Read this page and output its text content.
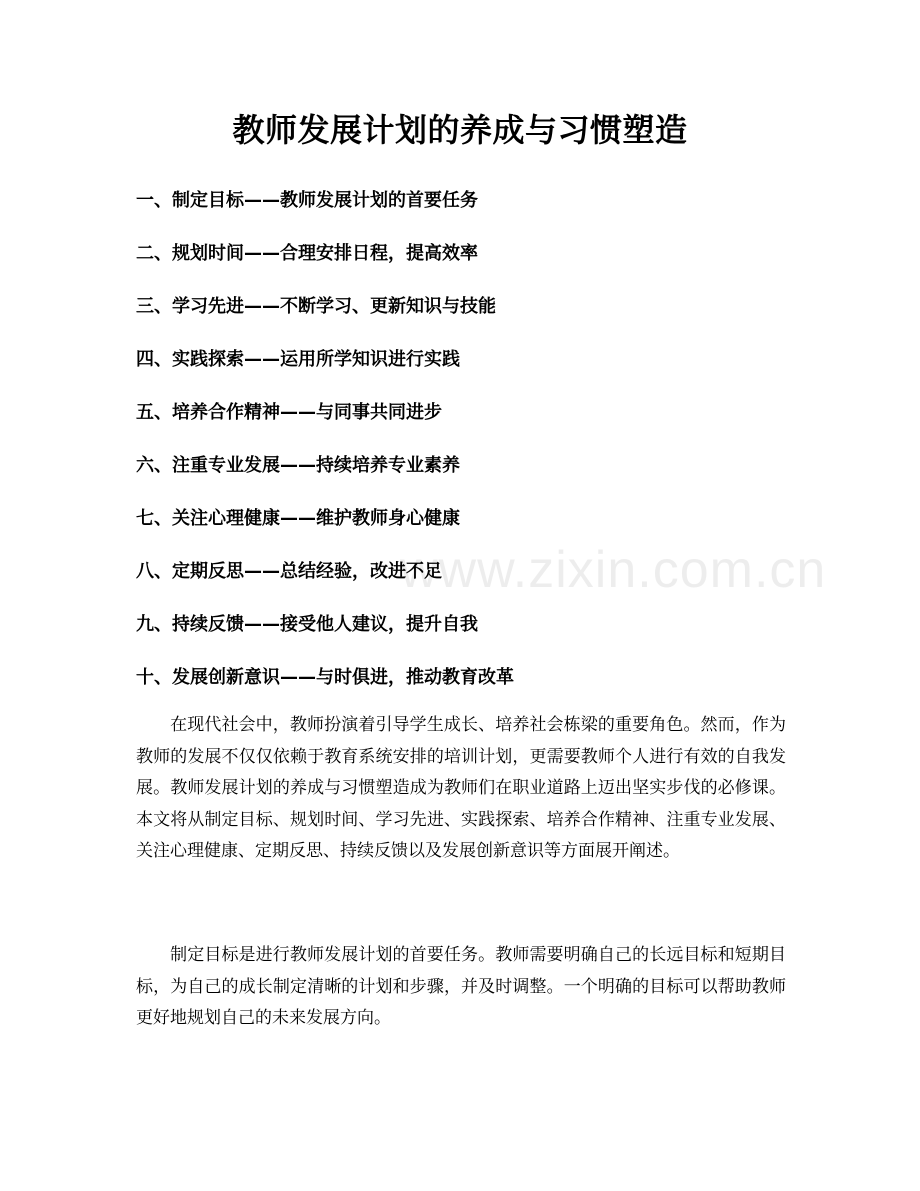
www.zixin.com.cn
教师发展计划的养成与习惯塑造
一、制定目标——教师发展计划的首要任务
二、规划时间——合理安排日程，提高效率
三、学习先进——不断学习、更新知识与技能
四、实践探索——运用所学知识进行实践
五、培养合作精神——与同事共同进步
六、注重专业发展——持续培养专业素养
七、关注心理健康——维护教师身心健康
八、定期反思——总结经验，改进不足
九、持续反馈——接受他人建议，提升自我
十、发展创新意识——与时俱进，推动教育改革

在现代社会中，教师扮演着引导学生成长、培养社会栋梁的重要角色。然而，作为教师的发展不仅仅依赖于教育系统安排的培训计划，更需要教师个人进行有效的自我发展。教师发展计划的养成与习惯塑造成为教师们在职业道路上迈出坚实步伐的必修课。本文将从制定目标、规划时间、学习先进、实践探索、培养合作精神、注重专业发展、关注心理健康、定期反思、持续反馈以及发展创新意识等方面展开阐述。

制定目标是进行教师发展计划的首要任务。教师需要明确自己的长远目标和短期目标，为自己的成长制定清晰的计划和步骤，并及时调整。一个明确的目标可以帮助教师更好地规划自己的未来发展方向。
